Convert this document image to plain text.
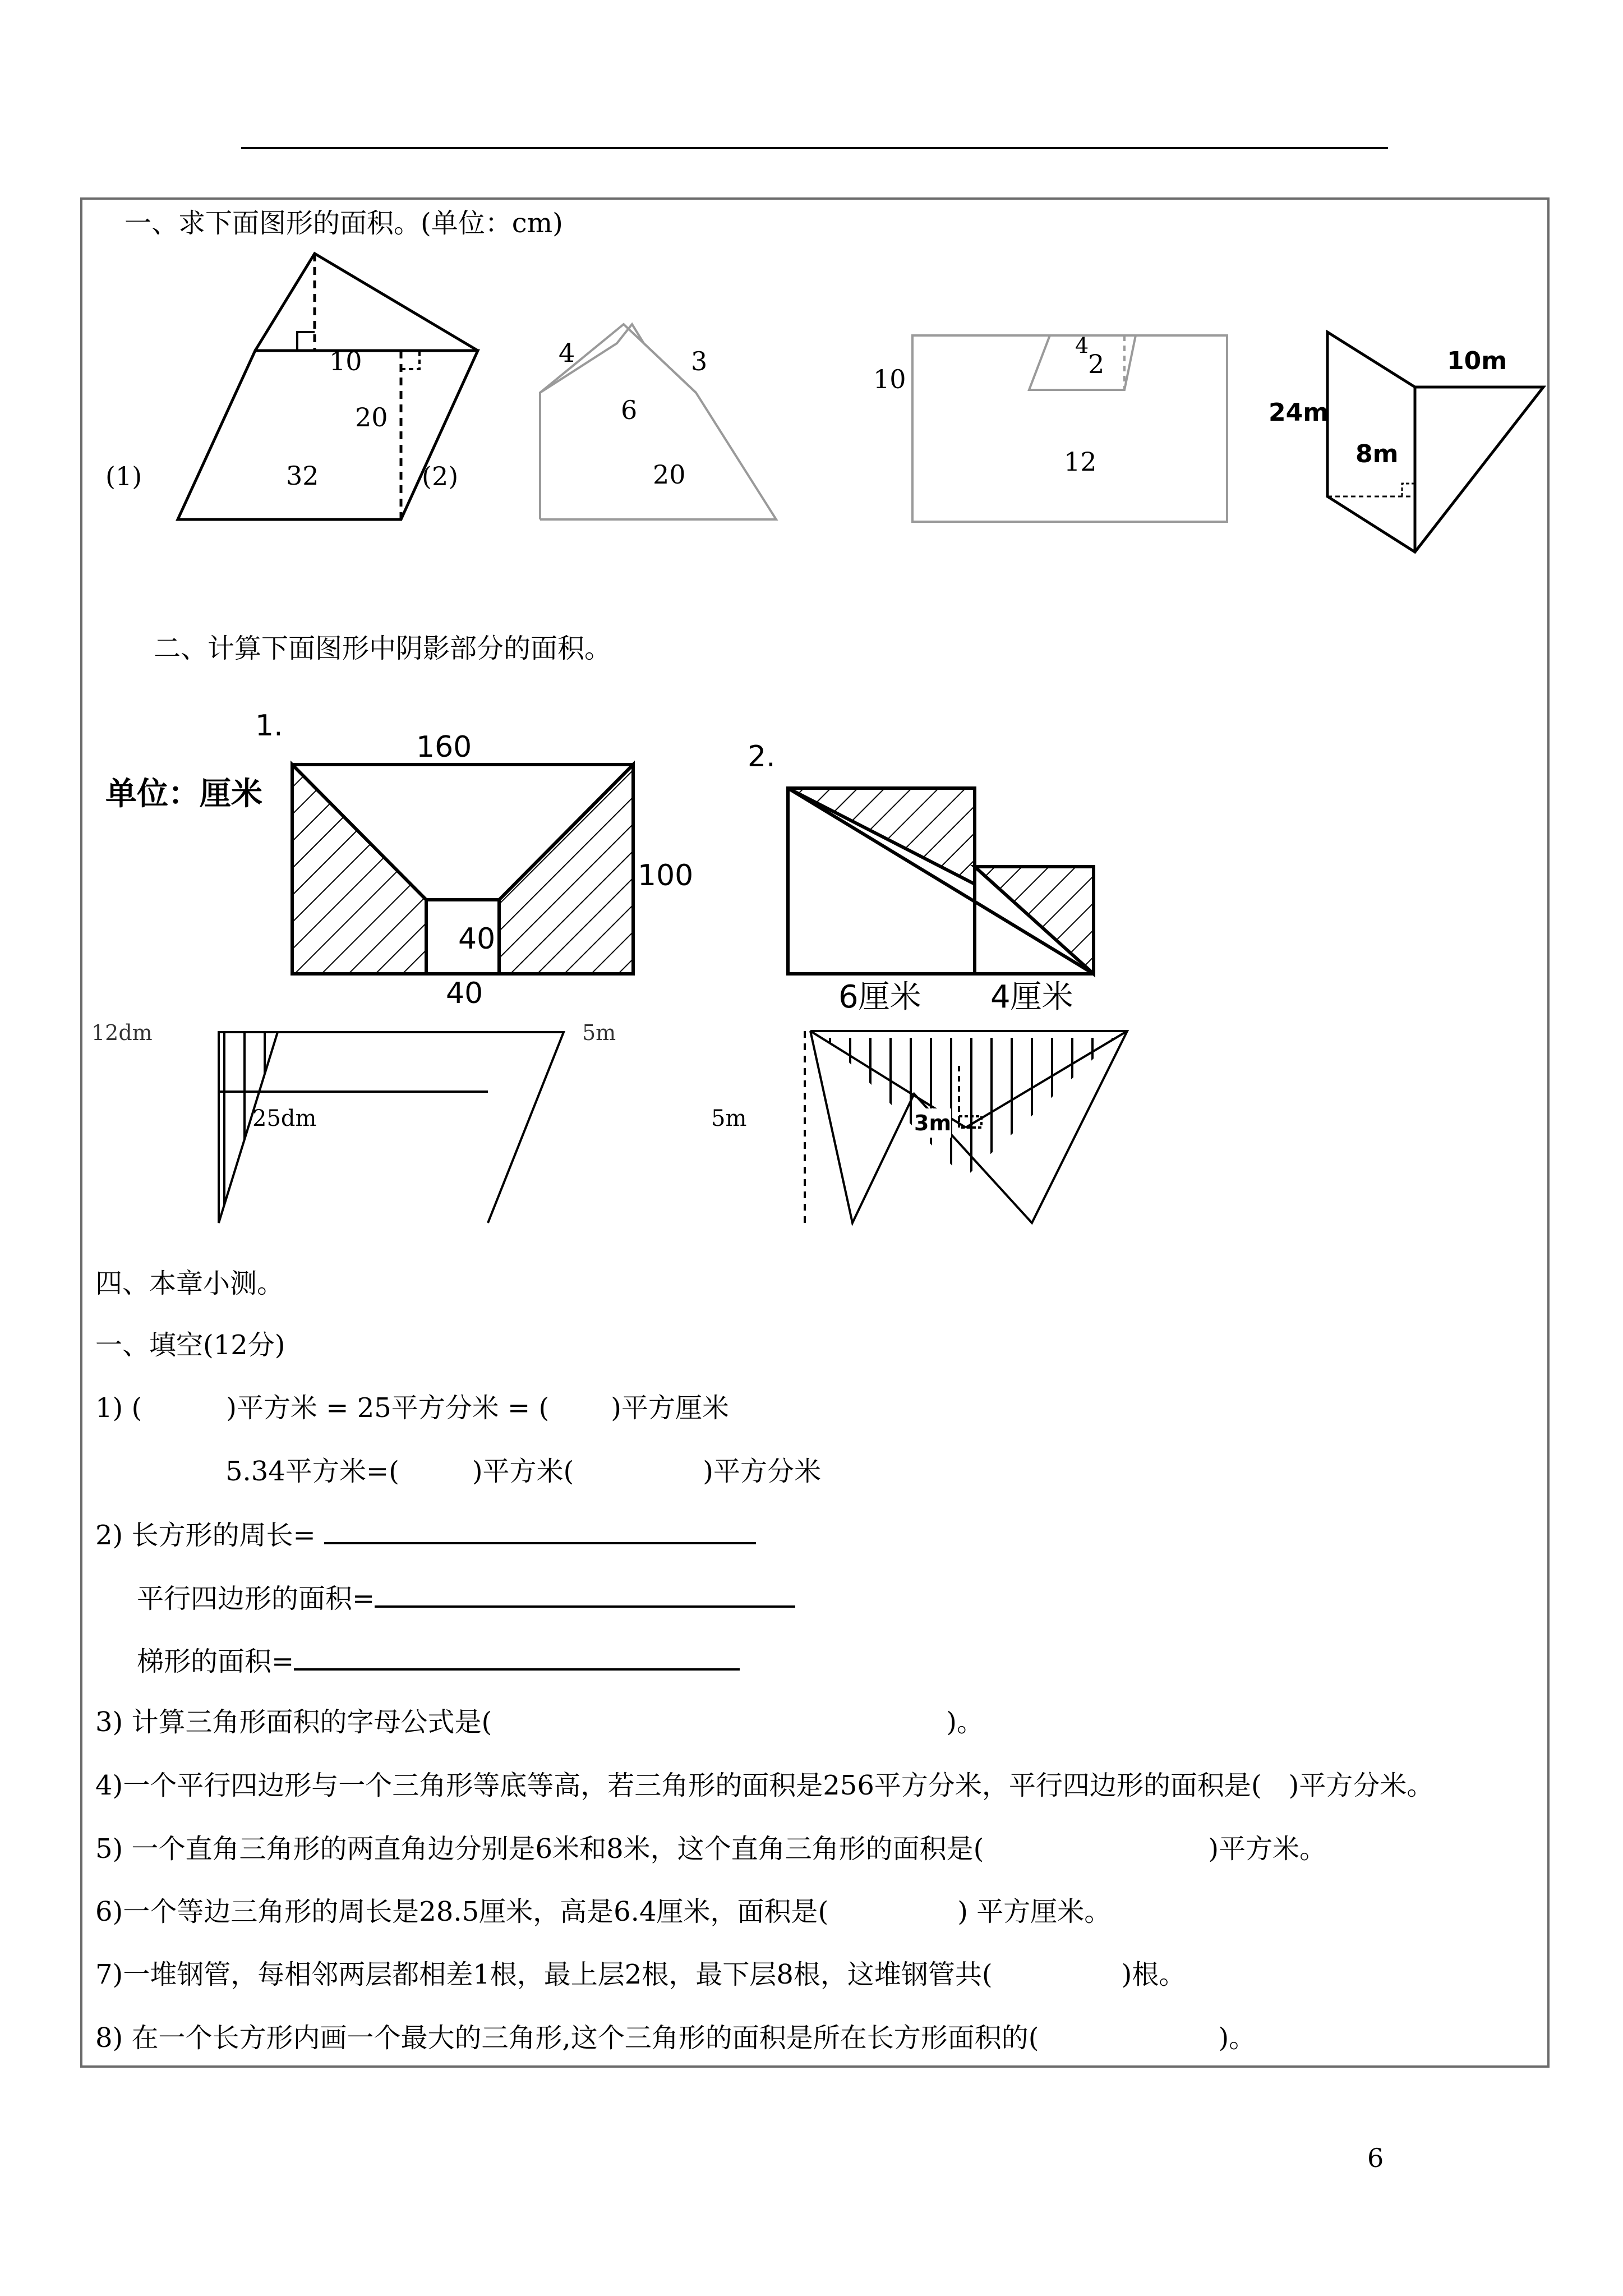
一、求下面图形的面积。(单位：cm)
10
20
32
(1)	(2)
4	3
6
20
10
4
2
12
10m
24m
8m
二、计算下面图形中阴影部分的面积。
1.
单位：厘米
160
100
40
40
2.
6厘米 4厘米
12dm
25dm
5m
5m	3m
四、本章小测。
一、填空(12分)
1) (	)平方米 = 25平方分米 = ( )平方厘米
5.34平方米=(	)平方米(	)平方分米
2) 长方形的周长=
平行四边形的面积=
梯形的面积=
3) 计算三角形面积的字母公式是(	)。
4)一个平行四边形与一个三角形等底等高，若三角形的面积是256平方分米，平行四边形的面积是(　)平方分米。
5) 一个直角三角形的两直角边分别是6米和8米，这个直角三角形的面积是(	)平方米。
6)一个等边三角形的周长是28.5厘米，高是6.4厘米，面积是(	) 平方厘米。
7)一堆钢管，每相邻两层都相差1根，最上层2根，最下层8根，这堆钢管共(	)根。
8) 在一个长方形内画一个最大的三角形,这个三角形的面积是所在长方形面积的(	)。
6
